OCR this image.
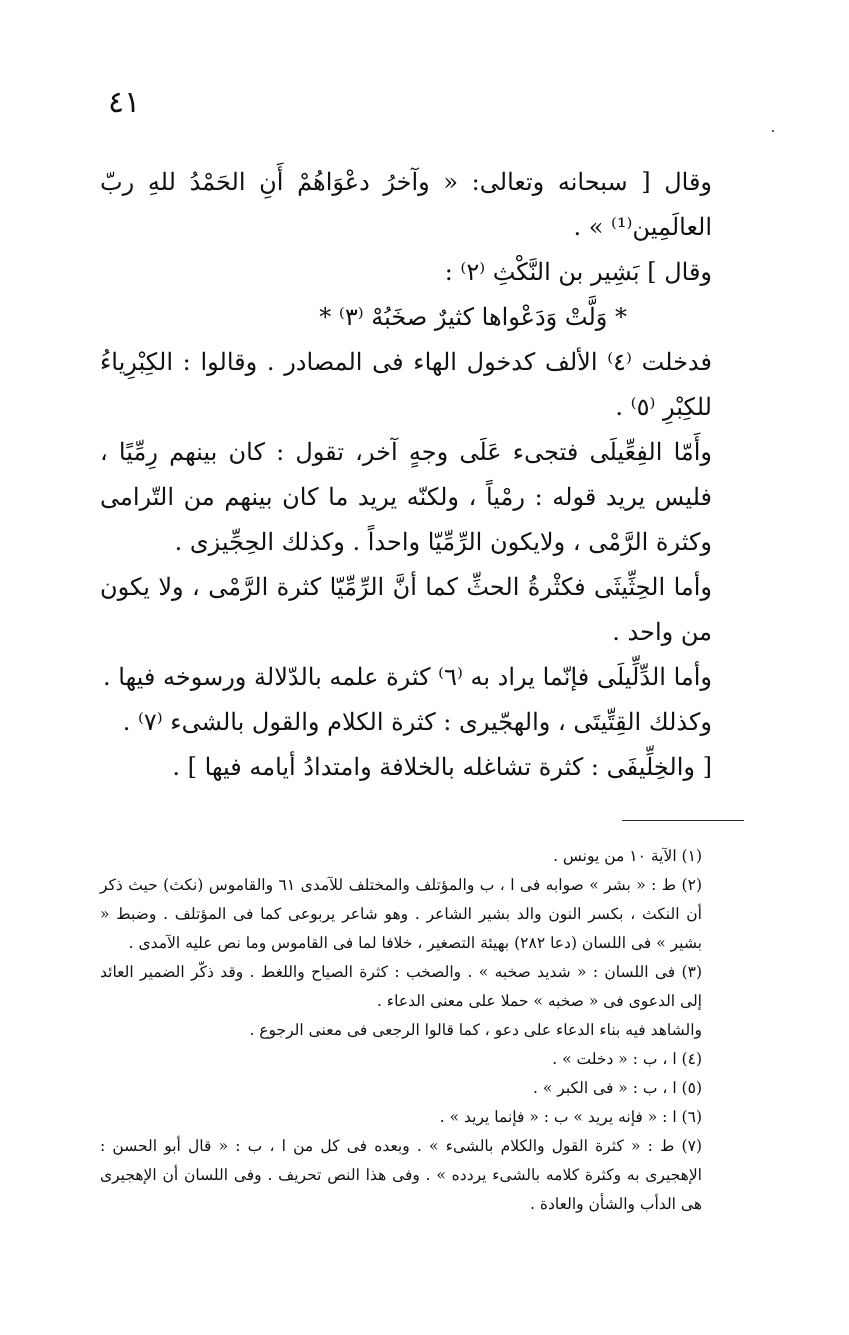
٤١

وقال [ سبحانه وتعالى: « وآخرُ دعْوَاهُمْ أَنِ الحَمْدُ للهِ ربّ العالَمِين⁽¹⁾ » .

وقال ] بَشِير بن النَّكْثِ ⁽٢⁾ :

* وَلَّتْ وَدَعْواها كثيرٌ صخَبُهْ ⁽٣⁾ *

فدخلت ⁽٤⁾ الألف كدخول الهاء فى المصادر . وقالوا : الكِبْرِياءُ للكِبْرِ ⁽٥⁾ .

وأَمّا الفِعِّيلَى فتجىء عَلَى وجهٍ آخر، تقول : كان بينهم رِمِّيًا ، فليس يريد قوله : رمْياً ، ولكنّه يريد ما كان بينهم من التّرامى وكثرة الرَّمْى ، ولايكون الرِّمِّيّا واحداً . وكذلك الحِجِّيزى .

وأما الحِثِّيثَى فكثْرةُ الحثِّ كما أنَّ الرِّمِّيّا كثرة الرَّمْى ، ولا يكون من واحد .

وأما الدِّلِّيلَى فإنّما يراد به ⁽٦⁾ كثرة علمه بالدّلالة ورسوخه فيها .

وكذلك القِتِّيتَى ، والهجّيرى : كثرة الكلام والقول بالشىء ⁽٧⁾ .

[ والخِلِّيفَى : كثرة تشاغله بالخلافة وامتدادُ أيامه فيها ] .

(١) الآية ١٠ من يونس .

(٢) ط : « بشر » صوابه فى ا ، ب والمؤتلف والمختلف للآمدى ٦١ والقاموس (نكث) حيث ذكر أن النكث ، بكسر النون والد بشير الشاعر . وهو شاعر يربوعى كما فى المؤتلف . وضبط « بشير » فى اللسان (دعا ٢٨٢) بهيئة التصغير ، خلافا لما فى القاموس وما نص عليه الآمدى .

(٣) فى اللسان : « شديد صخبه » . والصخب : كثرة الصياح واللغط . وقد ذكّر الضمير العائد إلى الدعوى فى « صخبه » حملا على معنى الدعاء .

والشاهد فيه بناء الدعاء على دعو ، كما قالوا الرجعى فى معنى الرجوع .

(٤) ا ، ب : « دخلت » .

(٥) ا ، ب : « فى الكبر » .

(٦) ا : « فإنه يريد » ب : « فإنما يريد » .

(٧) ط : « كثرة القول والكلام بالشىء » . وبعده فى كل من ا ، ب : « قال أبو الحسن : الإهجيرى به وكثرة كلامه بالشىء يردده » . وفى هذا النص تحريف . وفى اللسان أن الإهجيرى هى الدأب والشأن والعادة .
